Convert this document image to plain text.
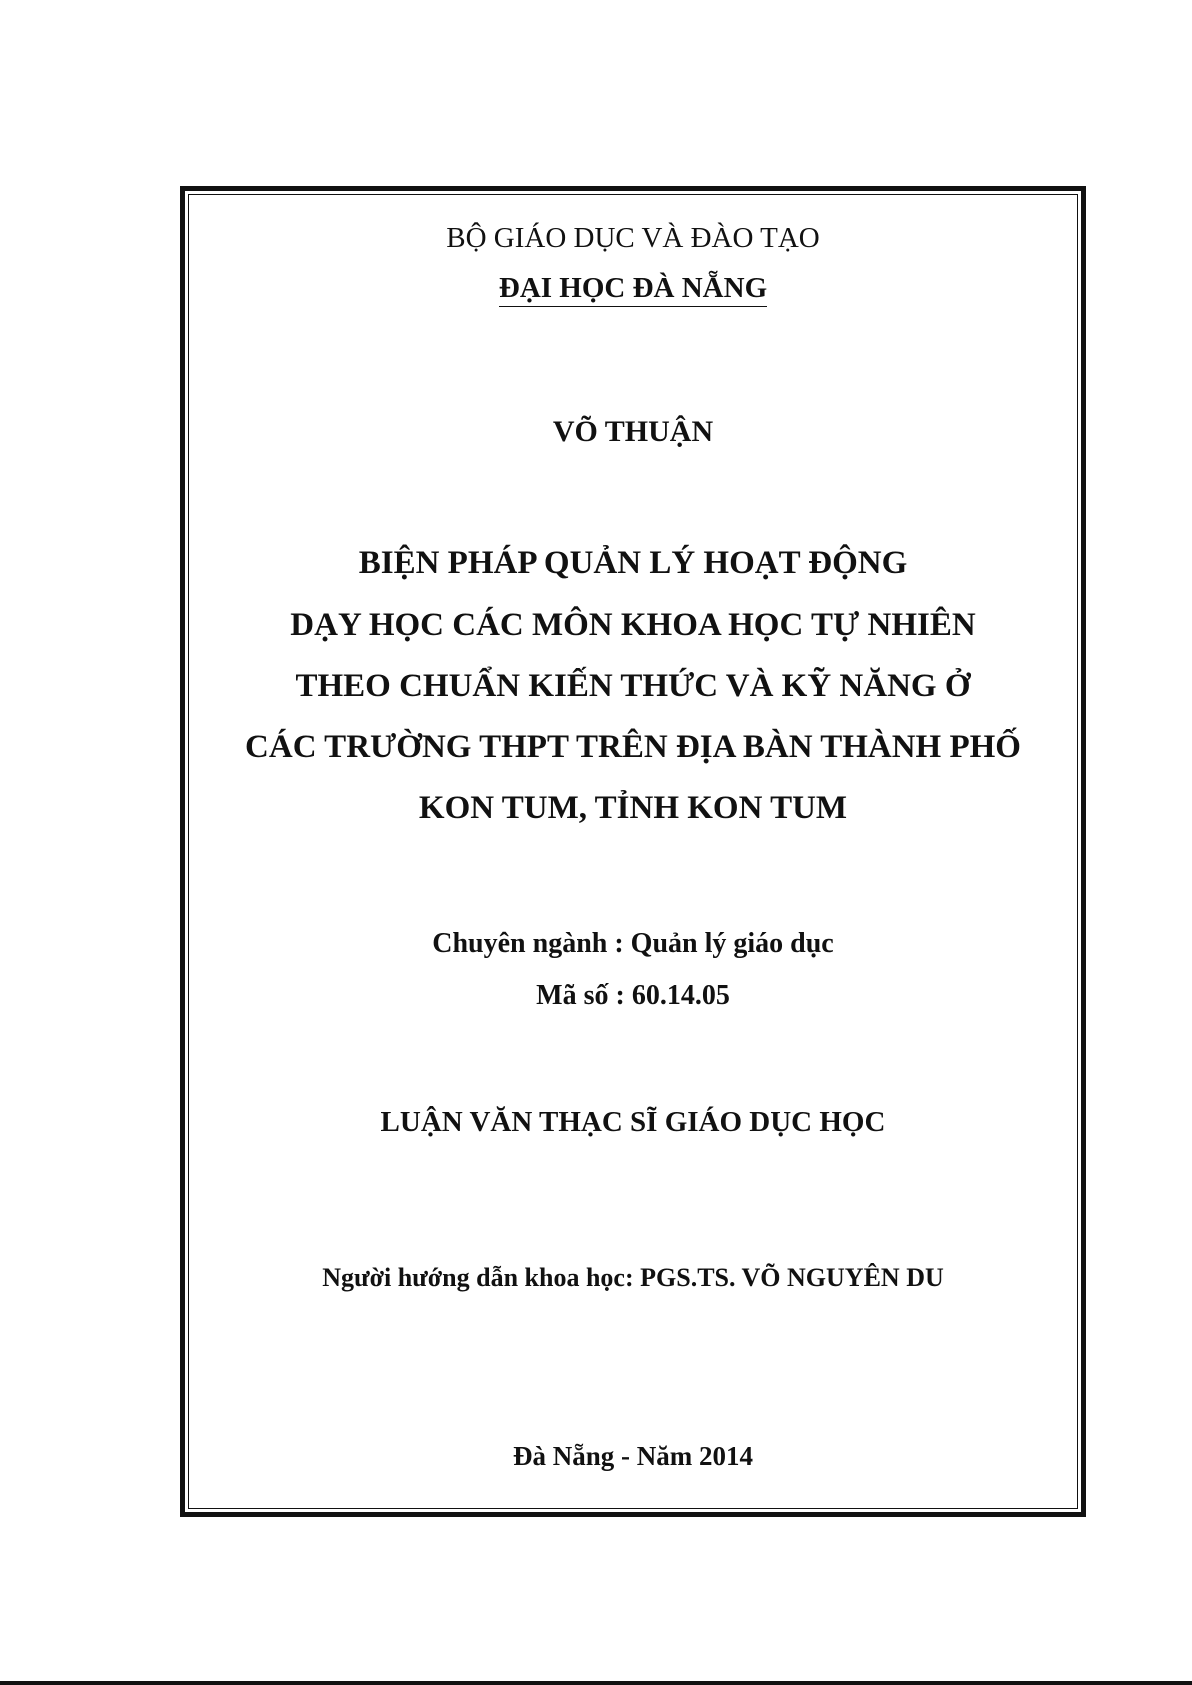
BỘ GIÁO DỤC VÀ ĐÀO TẠO
ĐẠI HỌC ĐÀ NẴNG
VÕ THUẬN
BIỆN PHÁP QUẢN LÝ HOẠT ĐỘNG
DẠY HỌC CÁC MÔN KHOA HỌC TỰ NHIÊN
THEO CHUẨN KIẾN THỨC VÀ KỸ NĂNG Ở
CÁC TRƯỜNG THPT TRÊN ĐỊA BÀN THÀNH PHỐ
KON TUM, TỈNH KON TUM
Chuyên ngành : Quản lý giáo dục
Mã số : 60.14.05
LUẬN VĂN THẠC SĨ GIÁO DỤC HỌC
Người hướng dẫn khoa học: PGS.TS. VÕ NGUYÊN DU
Đà Nẵng - Năm 2014
